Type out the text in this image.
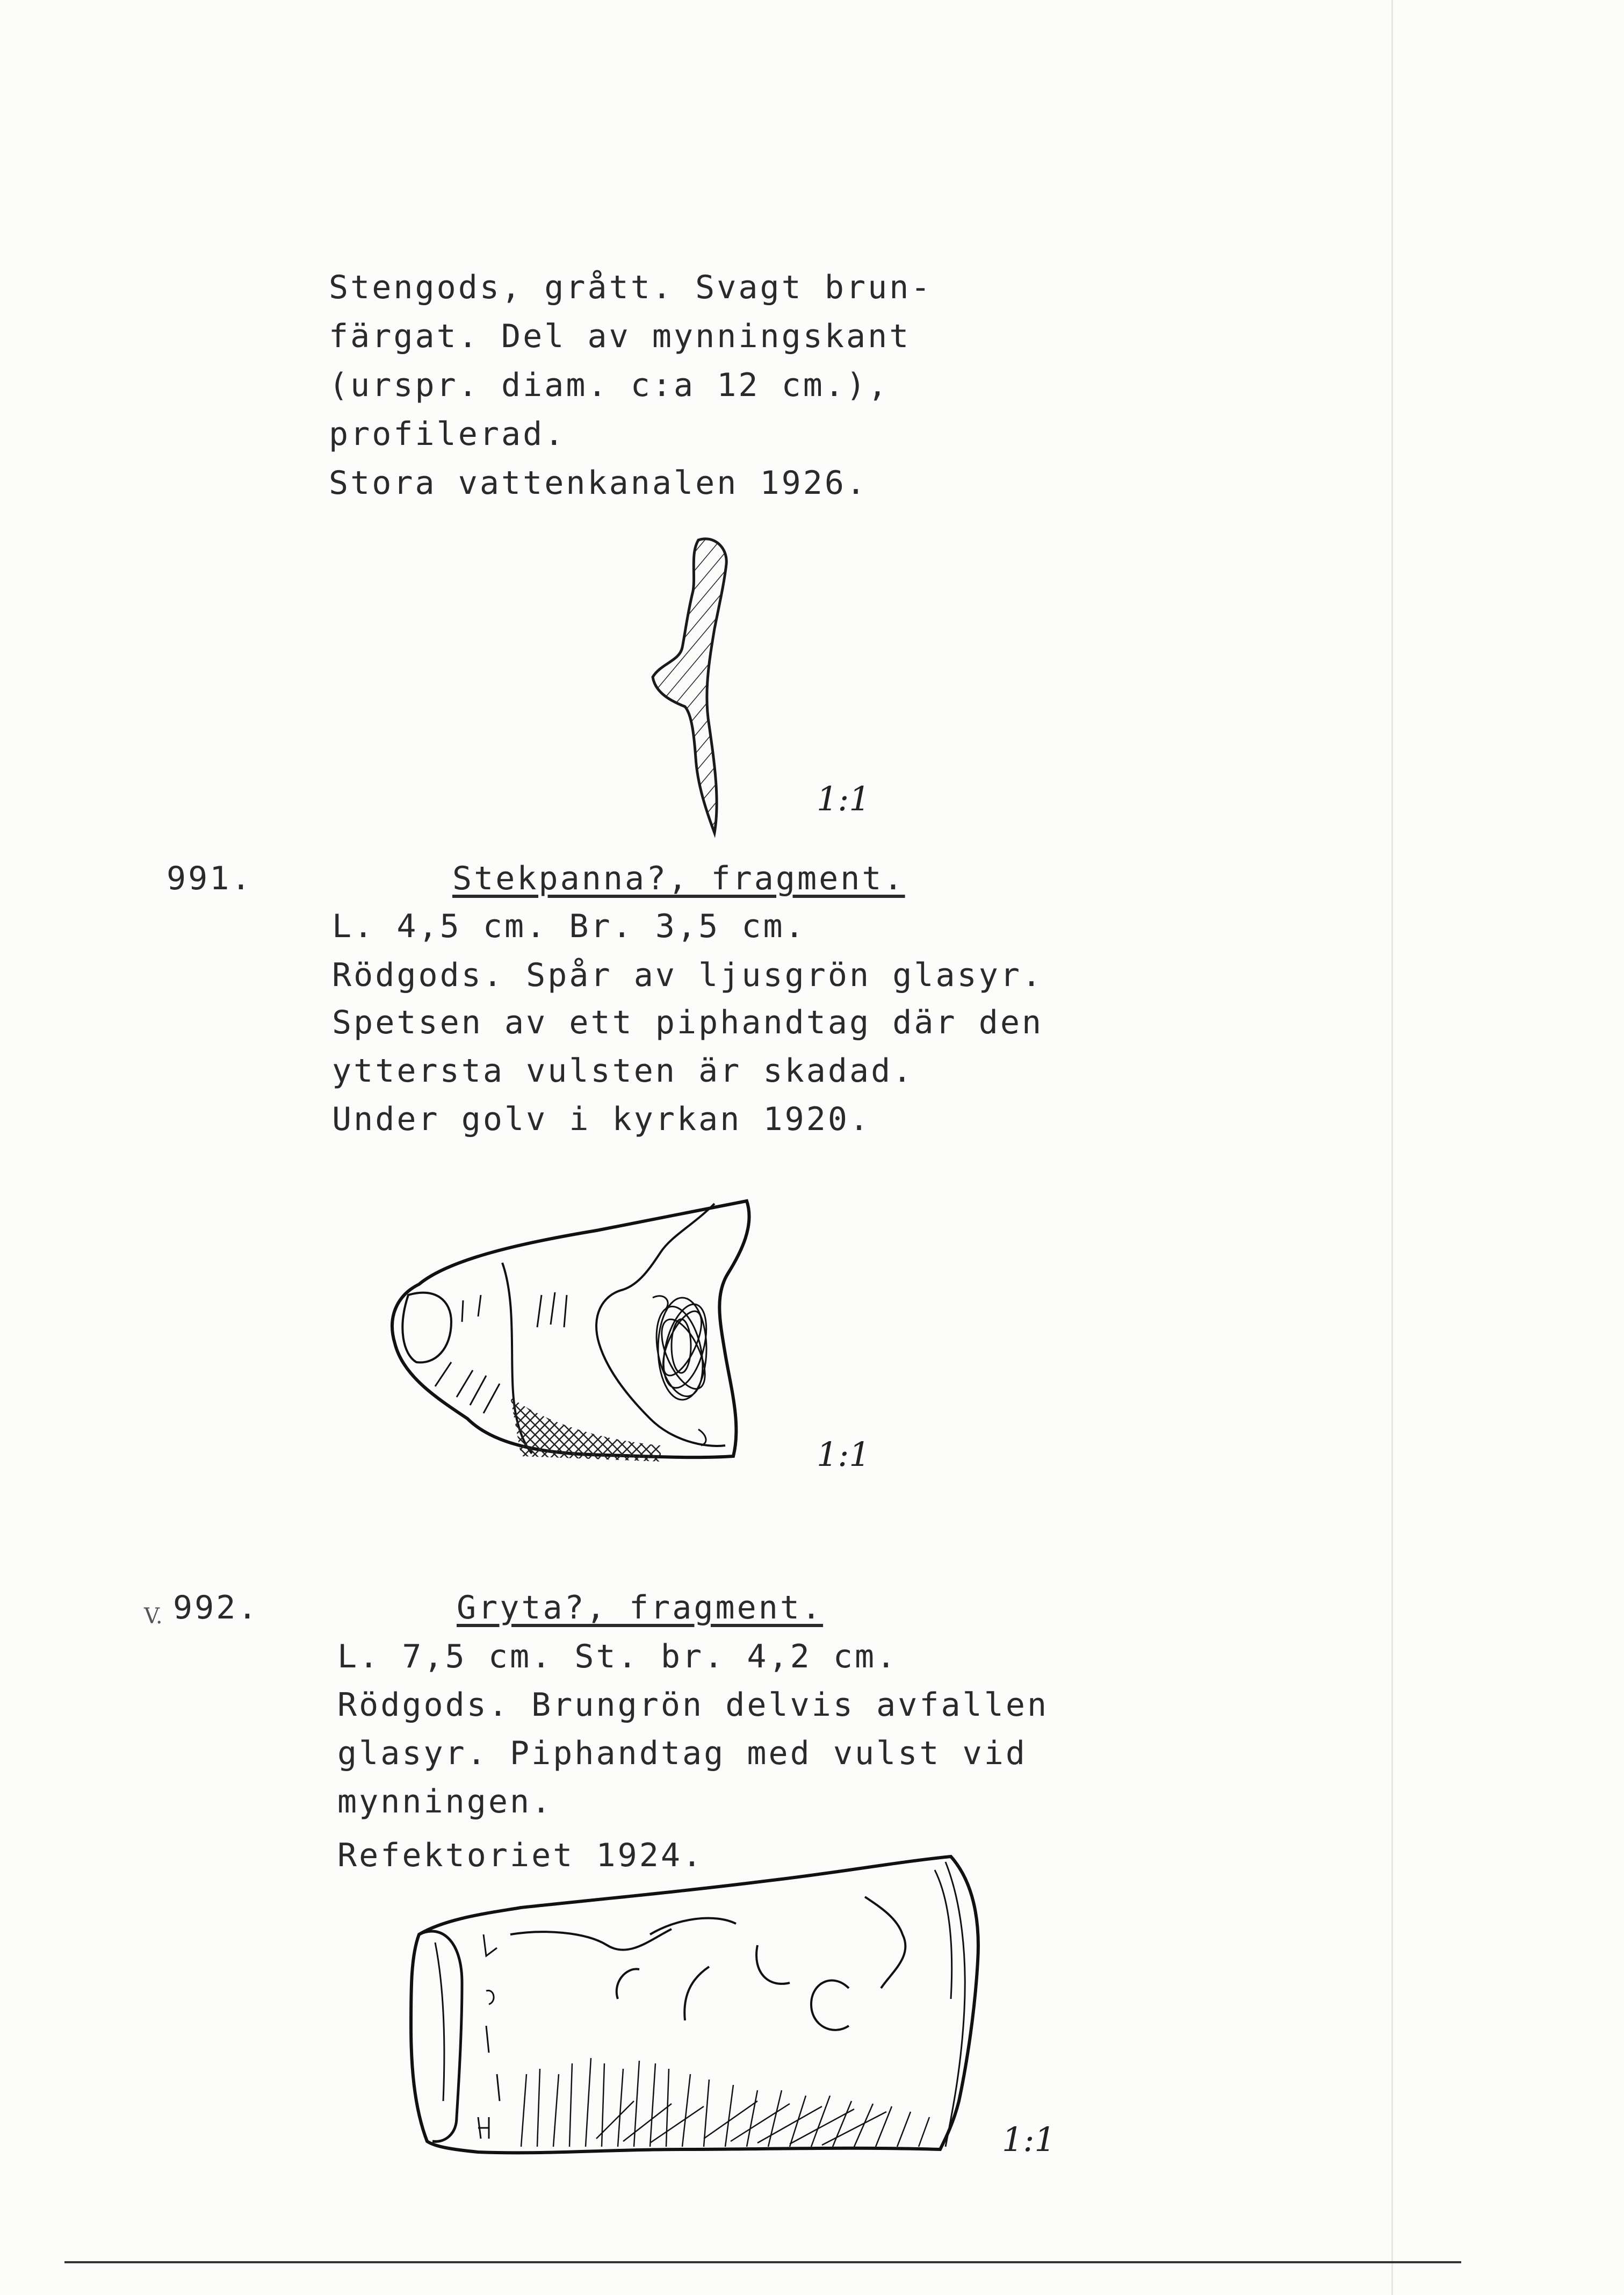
Stengods, grått. Svagt brun-
färgat. Del av mynningskant
(urspr. diam. c:a 12 cm.),
profilerad.
Stora vattenkanalen 1926.
1:1
991.	Stekpanna?, fragment.
L. 4,5 cm. Br. 3,5 cm.
Rödgods. Spår av ljusgrön glasyr.
Spetsen av ett piphandtag där den
yttersta vulsten är skadad.
Under golv i kyrkan 1920.
1:1
V. 992.	Gryta?, fragment.
L. 7,5 cm. St. br. 4,2 cm.
Rödgods. Brungrön delvis avfallen
glasyr. Piphandtag med vulst vid
mynningen.
Refektoriet 1924.
1:1
